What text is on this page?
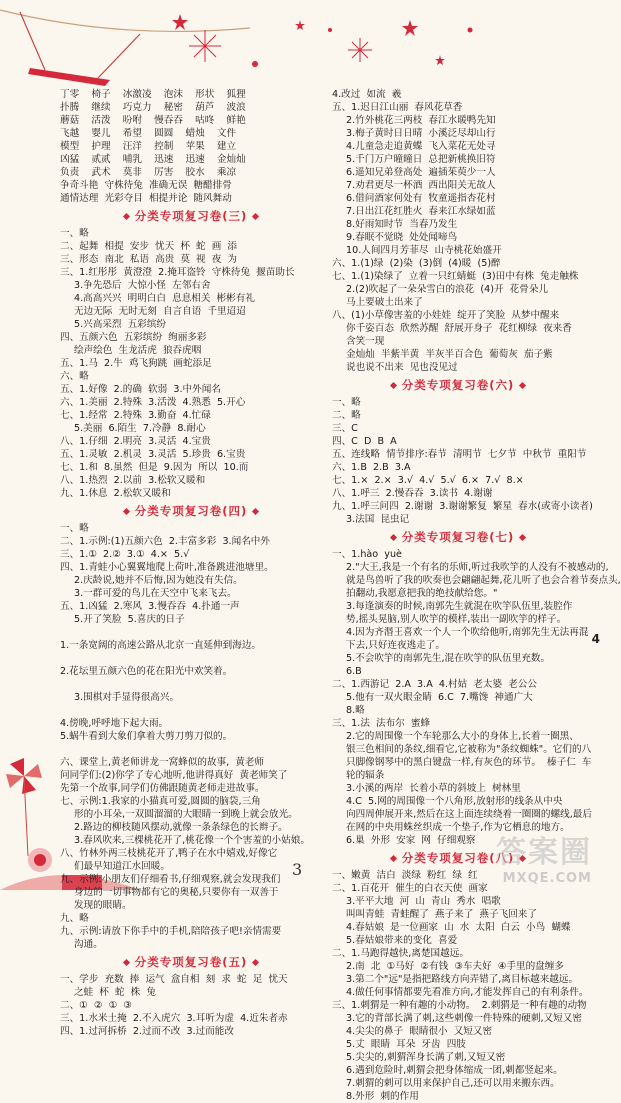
丁零    椅子    冰激凌    泡沫    形状    狐狸
扑腾    继续    巧克力    秘密    葫芦    波浪
蘑菇    活泼    吩咐    慢吞吞    咕咚    鲜艳
飞越    婴儿    希望    圆圆    蜡烛    文件
模型    护理    汪洋    控制    苹果    建立
凶猛    贰贰    哺乳    迅速    迅速    金灿灿
负责    武术    莫非    厉害    胶水    乘凉
争奇斗艳  守株待兔  准确无误  糖醋排骨
通情达理  光彩夺目  相提并论  随风舞动
分类专项复习卷(三)
一、略
二、起舞  相提  安步  忧天  杯  蛇  画  添
三、形态  南北  私语  高贵  莫  视  夜  为
三、1.红彤彤  黄澄澄  2.掩耳盗铃  守株待兔  揠苗助长
3.争先恐后  大惊小怪  左邻右舍
4.高高兴兴  明明白白  息息相关  彬彬有礼
无边无际  无时无刻  自言自语  千里迢迢
5.兴高采烈  五彩缤纷
四、五颜六色  五彩缤纷  绚丽多彩
绘声绘色  生龙活虎  狼吞虎咽
五、1.马  2.牛  鸡飞狗跳  画蛇添足
六、略
五、1.好像  2.的确  软弱  3.中外闻名
六、1.美丽  2.特殊  3.活泼  4.熟悉  5.开心
七、1.经常  2.特殊  3.勤奋  4.忙碌
5.美丽  6.陌生  7.冷静  8.耐心
八、1.仔细  2.明亮  3.灵活  4.宝贵
五、1.灵敏  2.机灵  3.灵活  5.珍贵  6.宝贵
七、1.和  8.虽然  但是  9.因为  所以  10.而
八、1.热烈  2.以前  3.松软又暖和
九、1.休息  2.松软又暖和
分类专项复习卷(四)
一、略
二、1.示例:(1)五颜六色  2.丰富多彩  3.闻名中外
三、1.①  2.②  3.①  4.×  5.√
四、1.青蛙小心翼翼地爬上荷叶,准备跳进池塘里。
2.庆龄说,她并不后悔,因为她没有失信。
3.一群可爱的鸟儿在天空中飞来飞去。
五、1.凶猛  2.寒风  3.慢吞吞  4.扑通一声
5.开了笑脸  5.喜庆的日子
1.一条宽阔的高速公路从北京一直延伸到海边。
2.花坛里五颜六色的花在阳光中欢笑着。
3.围棋对手显得很高兴。
4.傍晚,呼呼地下起大雨。
5.蜗牛看到大象们拿着大剪刀剪刀似的。
六、课堂上,黄老师讲龙一窝蜂似的故事,  黄老师
问同学们:(2)你学了专心地听,他讲得真好  黄老师笑了
先第一个故事,同学们仿佛跟随黄老师走进故事。
七、示例:1.我家的小猫真可爱,圆圆的脑袋,三角
形的小耳朵,一双圆溜溜的大眼睛一到晚上就会放光。
2.路边的柳枝随风摆动,就像一条条绿色的长辫子。
3.春风吹来,三棵桃花开了,桃花像一个个害羞的小姑娘。
八、竹林外两三枝桃花开了,鸭子在水中嬉戏,好像它
们最早知道江水回暖。
九、示例:小朋友们仔细看书,仔细观察,就会发现我们
身边的一切事物都有它的奥秘,只要你有一双善于
发现的眼睛。
九、略
九、示例:请放下你手中的手机,陪陪孩子吧!亲情需要
沟通。
分类专项复习卷(五)
一、学步  充数  捧  运气  盒自相  刻  求  蛇  足  忧天
之蛙  杯  蛇  株  兔
二、①  ②  ①  ③
三、1.水米土掩  2.不入虎穴  3.耳听为虚  4.近朱者赤
四、1.过河拆桥  2.过而不改  3.过而能改
4.改过  如流  羲
五、1.迟日江山丽  春风花草香
2.竹外桃花三两枝  春江水暖鸭先知
3.梅子黄时日日晴  小溪泛尽却山行
4.儿童急走追黄蝶  飞入菜花无处寻
5.千门万户曈曈日  总把新桃换旧符
6.遥知兄弟登高处  遍插茱萸少一人
7.劝君更尽一杯酒  西出阳关无故人
6.借问酒家何处有  牧童遥指杏花村
7.日出江花红胜火  春来江水绿如蓝
8.好雨知时节  当春乃发生
9.春眠不觉晓  处处闻啼鸟
10.人间四月芳菲尽  山寺桃花始盛开
六、1.(1)绿  (2)染  (3)倒  (4)暖  (5)醉
七、1.(1)染绿了  立着一只红蜻蜓  (3)田中有株  兔走触株
2.(2)吹起了一朵朵雪白的浪花  (4)开  花骨朵儿
马上要破土出来了
八、(1)小草像害羞的小娃娃  绽开了笑脸  从梦中醒来
你千姿百态  欣然苏醒  舒展开身子  花红柳绿  夜来香
含笑一现
金灿灿  半紫半黄  半灰半百合色  葡萄灰  茄子紫
说也说不出来  见也没见过
分类专项复习卷(六)
一、略
二、略
三、C
四、C  D  B  A
五、连线略  情节排序:春节  清明节  七夕节  中秋节  重阳节
六、1.B  2.B  3.A
七、1.×  2.×  3.√  4.√  5.√  6.×  7.√  8.×
八、1.呼三  2.慢吞吞  3.读书  4.谢谢
九、1.呼三问四  2.谢谢  3.谢谢繁复  繁星  春水(或寄小读者)
3.法国  昆虫记
分类专项复习卷(七)
一、1.hào  yuè
2."大王,我是一个有名的乐师,听过我吹竽的人没有不被感动的,
就是鸟兽听了我的吹奏也会翩翩起舞,花儿听了也会合着节奏点头,
拍翻动,我愿意把我的绝技献给您。"
3.每逢演奏的时候,南郭先生就混在吹竽队伍里,装腔作
势,摇头晃脑,别人吹竽的模样,装出一副吹竽的样子。
4.因为齐湣王喜欢一个人一个吹给他听,南郭先生无法再混
下去,只好连夜逃走了。
5.不会吹竽的南郭先生,混在吹竽的队伍里充数。
6.B
二、1.西游记  2.A  3.A  4.村姑  老太婆  老公公
5.他有一双火眼金睛  6.C  7.嘴馋  神通广大
8.略
三、1.法  法布尔  蜜蜂
2.它的周围像一个车轮那么大小的身体上,长着一圈黑、
银三色相间的条纹,细看它,它被称为"条纹蜘蛛"。它们的八
只脚像钢琴中的黑白键盘一样,有灰色的环节。  榛子仁  车
轮的辐条
3.小溪的两岸  长着小草的斜坡上  树林里
4.C  5.网的周围像一个八角形,放射形的线条从中央
向四周伸展开来,然后在这上面连续绕着一圈圈的螺线,最后
在网的中央用蛛丝织成一个垫子,作为它栖息的地方。
6.巢  外形  安家  网  仔细观察
分类专项复习卷(八)
一、嫩黄  洁白  淡绿  粉红  绿  红
二、1.百花开  催生的白衣天使  画家
3.平平大地  河  山  青山  秀水  唱歌
叫叫青蛙  青蛙醒了  燕子来了  燕子飞回来了
4.春姑娘  是一位画家  山  水  太阳  白云  小鸟  蝴蝶
5.春姑娘带来的变化  喜爱
二、1.马跑得越快,离楚国越远。
2.南  北  ①马好  ②有钱  ③车夫好  ④手里的盘缠多
3.第二个"远"是指把路线方向弄错了,离目标越来越远。
4.做任何事情都要先看准方向,才能发挥自己的有利条件。
三、1.刺猬是一种有趣的小动物。  2.刺猬是一种有趣的动物
3.它的背部长满了刺,这些刺像一件特殊的硬刺,又短又密
4.尖尖的鼻子  眼睛很小  又短又密
5.丈  眼睛  耳朵  牙齿  四肢
5.尖尖的,刺猬浑身长满了刺,又短又密
6.遇到危险时,刺猬会把身体缩成一团,刺都竖起来。
7.刺猬的刺可以用来保护自己,还可以用来搬东西。
8.外形  刺的作用
4
3	答案圈
MXQE.COM
